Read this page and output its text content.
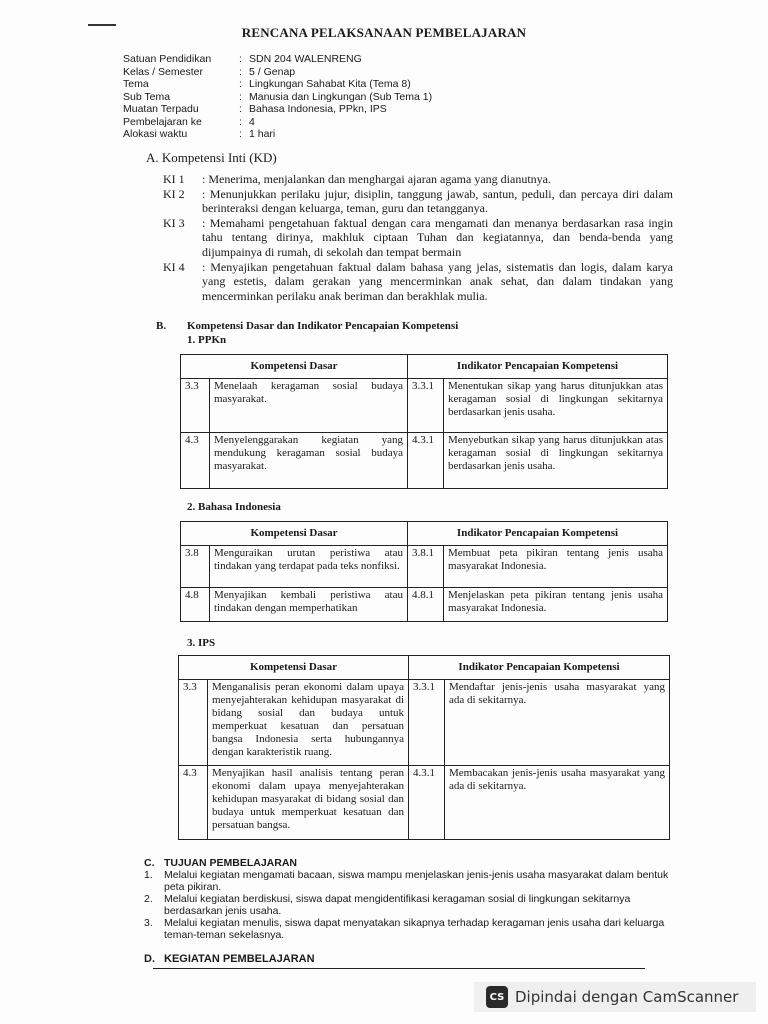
RENCANA PELAKSANAAN PEMBELAJARAN
Satuan Pendidikan	: SDN 204 WALENRENG
Kelas / Semester	: 5 / Genap
Tema	: Lingkungan Sahabat Kita (Tema 8)
Sub Tema	: Manusia dan Lingkungan (Sub Tema 1)
Muatan Terpadu	: Bahasa Indonesia, PPkn, IPS
Pembelajaran ke	: 4
Alokasi waktu	: 1 hari
A. Kompetensi Inti (KD)
KI 1	: Menerima, menjalankan dan menghargai ajaran agama yang dianutnya.
KI 2	: Menunjukkan perilaku jujur, disiplin, tanggung jawab, santun, peduli, dan percaya diri dalam berinteraksi dengan keluarga, teman, guru dan tetangganya.
KI 3	: Memahami pengetahuan faktual dengan cara mengamati dan menanya berdasarkan rasa ingin tahu tentang dirinya, makhluk ciptaan Tuhan dan kegiatannya, dan benda-benda yang dijumpainya di rumah, di sekolah dan tempat bermain
KI 4	: Menyajikan pengetahuan faktual dalam bahasa yang jelas, sistematis dan logis, dalam karya yang estetis, dalam gerakan yang mencerminkan anak sehat, dan dalam tindakan yang mencerminkan perilaku anak beriman dan berakhlak mulia.
B. Kompetensi Dasar dan Indikator Pencapaian Kompetensi
1. PPKn
Kompetensi Dasar		Indikator Pencapaian Kompetensi	
3.3	Menelaah keragaman sosial budaya masyarakat.	3.3.1	Menentukan sikap yang harus ditunjukkan atas keragaman sosial di lingkungan sekitarnya berdasarkan jenis usaha.
4.3	Menyelenggarakan kegiatan yang mendukung keragaman sosial budaya masyarakat.	4.3.1	Menyebutkan sikap yang harus ditunjukkan atas keragaman sosial di lingkungan sekitarnya berdasarkan jenis usaha.
2. Bahasa Indonesia
Kompetensi Dasar		Indikator Pencapaian Kompetensi	
3.8	Menguraikan urutan peristiwa atau tindakan yang terdapat pada teks nonfiksi.	3.8.1	Membuat peta pikiran tentang jenis usaha masyarakat Indonesia.
4.8	Menyajikan kembali peristiwa atau tindakan dengan memperhatikan	4.8.1	Menjelaskan peta pikiran tentang jenis usaha masyarakat Indonesia.
3. IPS
Kompetensi Dasar		Indikator Pencapaian Kompetensi	
3.3	Menganalisis peran ekonomi dalam upaya menyejahterakan kehidupan masyarakat di bidang sosial dan budaya untuk memperkuat kesatuan dan persatuan bangsa Indonesia serta hubungannya dengan karakteristik ruang.	3.3.1	Mendaftar jenis-jenis usaha masyarakat yang ada di sekitarnya.
4.3	Menyajikan hasil analisis tentang peran ekonomi dalam upaya menyejahterakan kehidupan masyarakat di bidang sosial dan budaya untuk memperkuat kesatuan dan persatuan bangsa.	4.3.1	Membacakan jenis-jenis usaha masyarakat yang ada di sekitarnya.
C. TUJUAN PEMBELAJARAN
1.	Melalui kegiatan mengamati bacaan, siswa mampu menjelaskan jenis-jenis usaha masyarakat dalam bentuk peta pikiran.
2.	Melalui kegiatan berdiskusi, siswa dapat mengidentifikasi keragaman sosial di lingkungan sekitarnya berdasarkan jenis usaha.
3.	Melalui kegiatan menulis, siswa dapat menyatakan sikapnya terhadap keragaman jenis usaha dari keluarga teman-teman sekelasnya.
D. KEGIATAN PEMBELAJARAN
CS Dipindai dengan CamScanner
